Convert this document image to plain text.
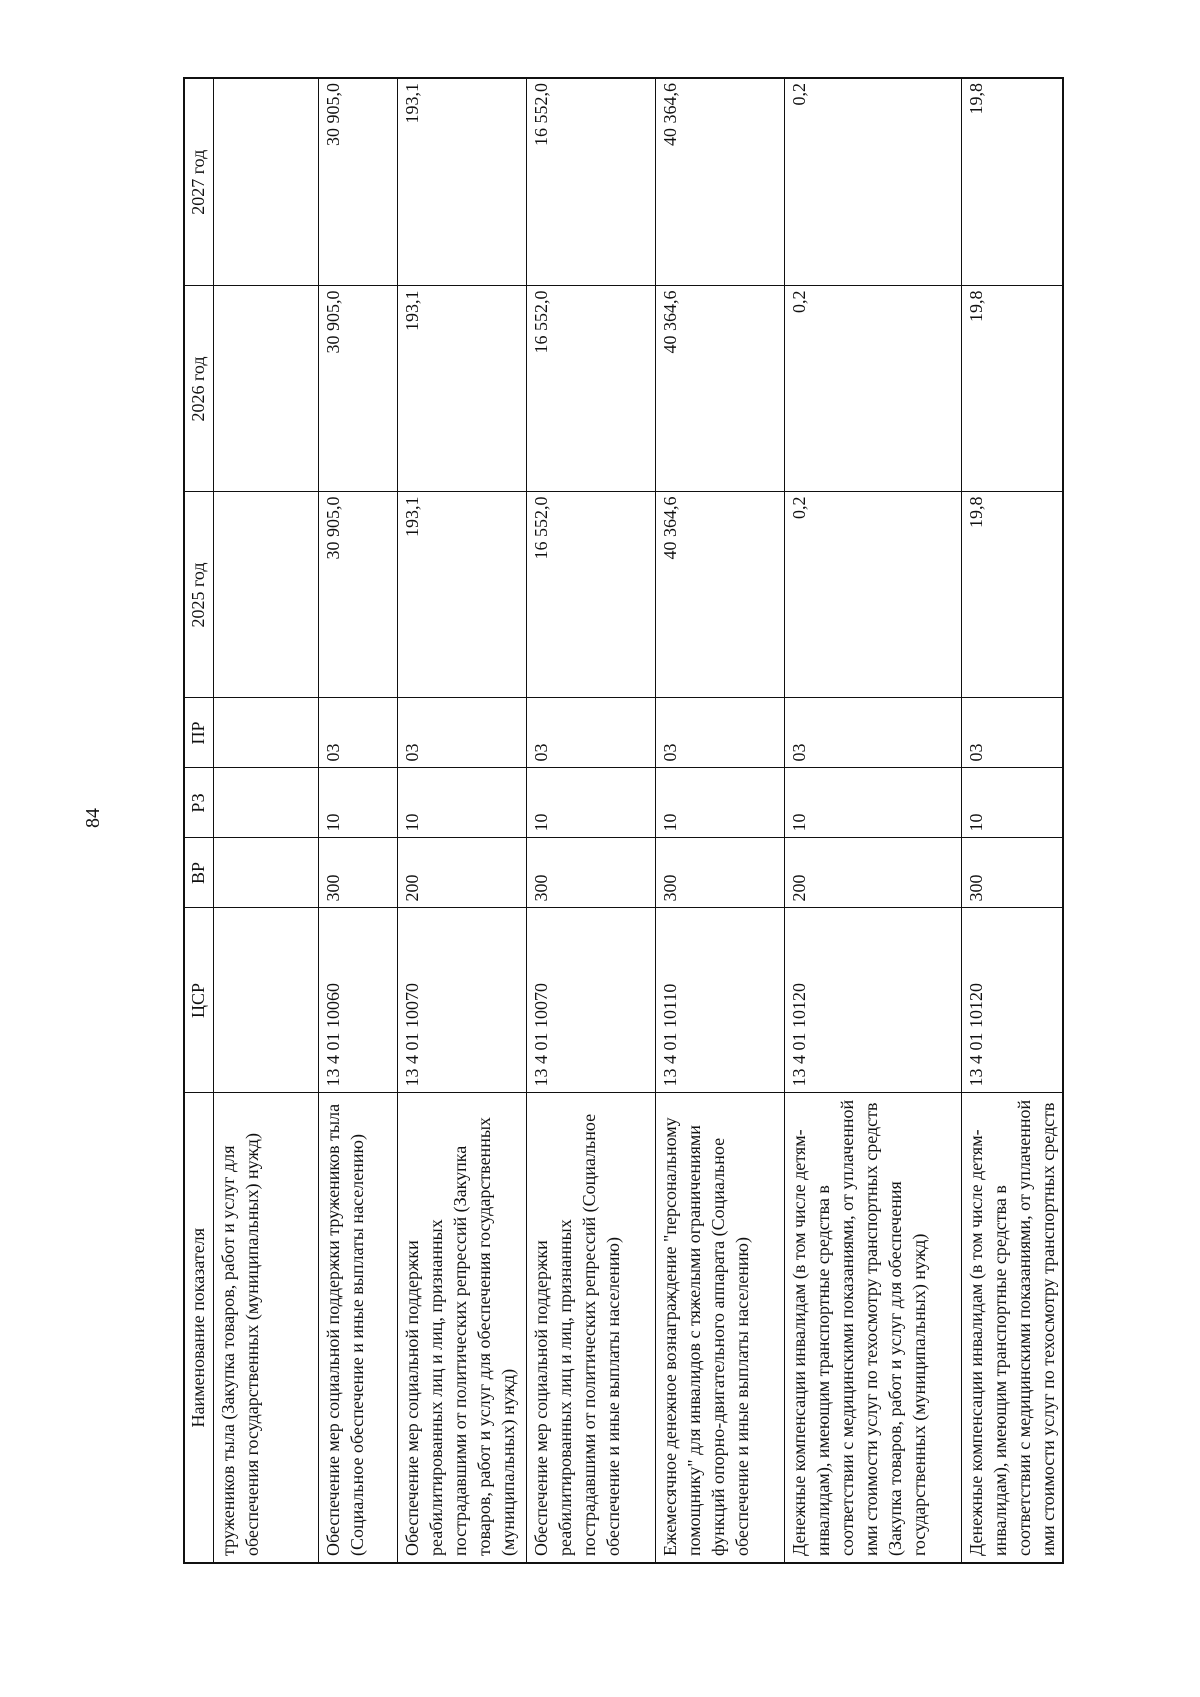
84
Наименование показателя	ЦСР	ВР	РЗ	ПР	2025 год	2026 год	2027 год
тружеников тыла (Закупка товаров, работ и услуг для обеспечения государственных (муниципальных) нужд)							
Обеспечение мер социальной поддержки тружеников тыла (Социальное обеспечение и иные выплаты населению)	13 4 01 10060	300	10	03	30 905,0	30 905,0	30 905,0
Обеспечение мер социальной поддержки реабилитированных лиц и лиц, признанных пострадавшими от политических репрессий (Закупка товаров, работ и услуг для обеспечения государственных (муниципальных) нужд)	13 4 01 10070	200	10	03	193,1	193,1	193,1
Обеспечение мер социальной поддержки реабилитированных лиц и лиц, признанных пострадавшими от политических репрессий (Социальное обеспечение и иные выплаты населению)	13 4 01 10070	300	10	03	16 552,0	16 552,0	16 552,0
Ежемесячное денежное вознаграждение "персональному помощнику" для инвалидов с тяжелыми ограничениями функций опорно-двигательного аппарата (Социальное обеспечение и иные выплаты населению)	13 4 01 10110	300	10	03	40 364,6	40 364,6	40 364,6
Денежные компенсации инвалидам (в том числе детям-инвалидам), имеющим транспортные средства в соответствии с медицинскими показаниями, от уплаченной ими стоимости услуг по техосмотру транспортных средств (Закупка товаров, работ и услуг для обеспечения государственных (муниципальных) нужд)	13 4 01 10120	200	10	03	0,2	0,2	0,2
Денежные компенсации инвалидам (в том числе детям-инвалидам), имеющим транспортные средства в соответствии с медицинскими показаниями, от уплаченной ими стоимости услуг по техосмотру транспортных средств	13 4 01 10120	300	10	03	19,8	19,8	19,8
